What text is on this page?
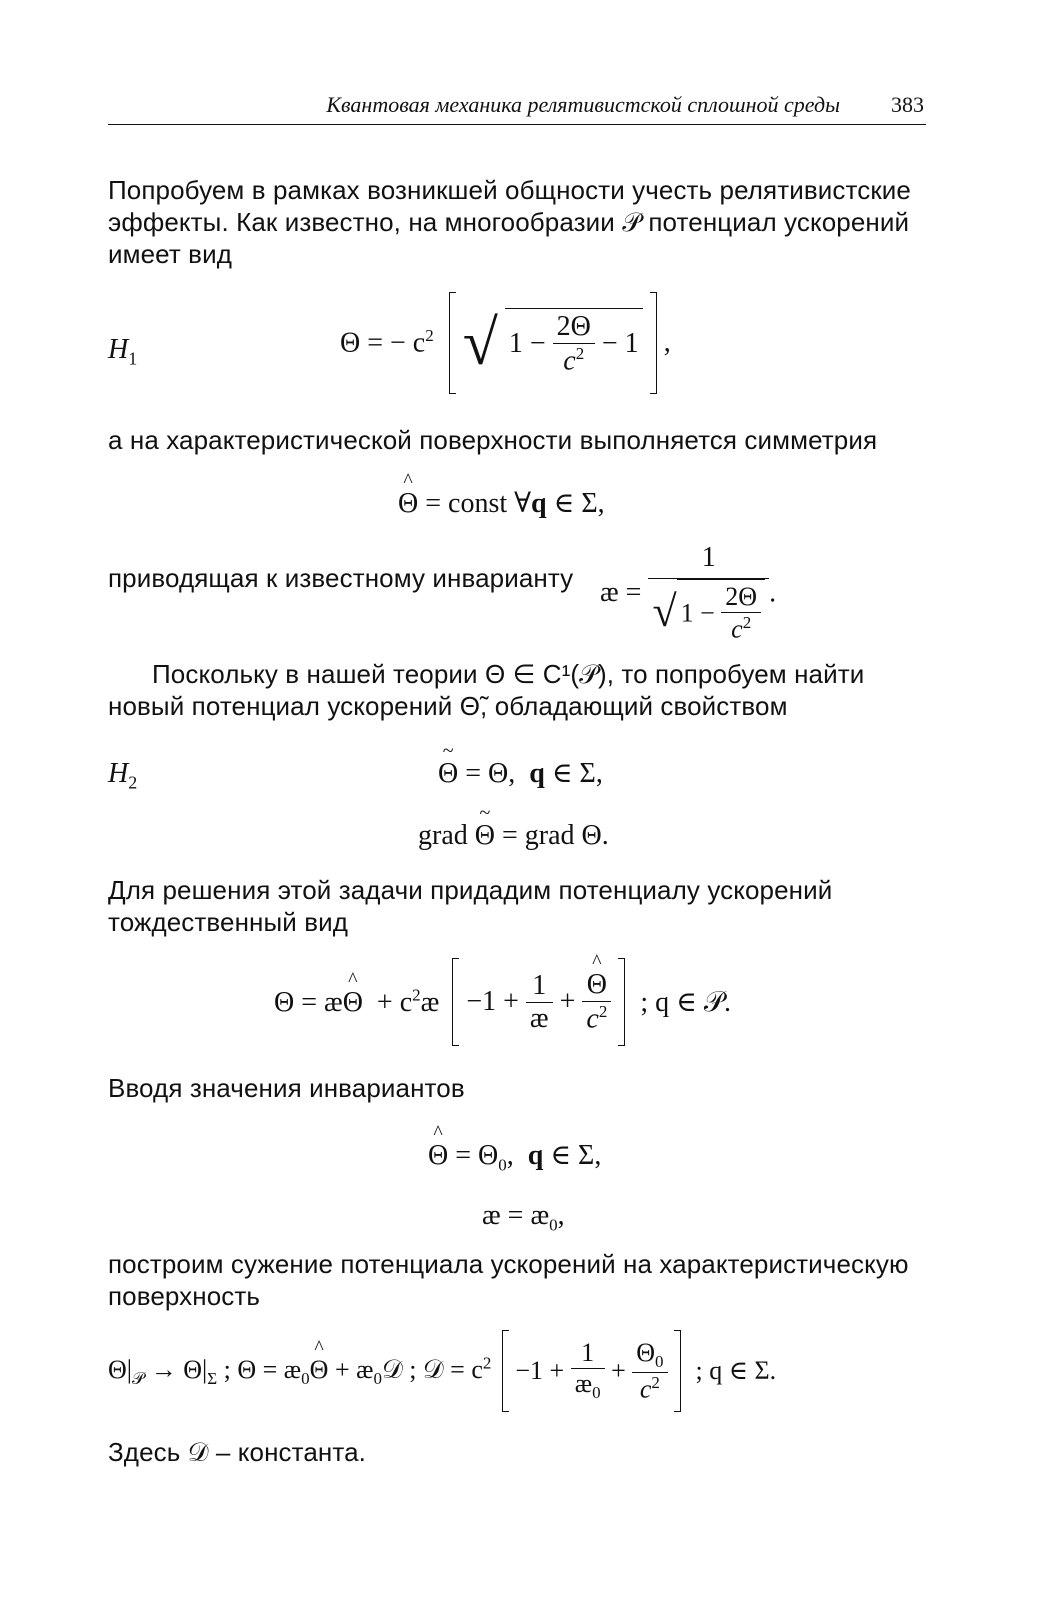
Квантовая механика релятивистской сплошной среды 383
Попробуем в рамках возникшей общности учесть релятивистские эффекты. Как известно, на многообразии 𝒫 потенциал ускорений имеет вид
$H_1$	Θ = − $c^2$ √ $1 - \frac{2\Theta}{c^2} - 1$ ,
а на характеристической поверхности выполняется симметрия
^ Θ = const ∀q ∈ Σ,
приводящая к известному инварианту æ = $\frac{1}{√ 1 - \frac{2\Theta}{c^2}}$ .
Поскольку в нашей теории Θ ∈ C¹(𝒫), то попробуем найти новый потенциал ускорений Θ̃, обладающий свойством
$H_2$	~ Θ = Θ, q ∈ Σ,
grad ~ Θ = grad Θ.
Для решения этой задачи придадим потенциалу ускорений тождественный вид
Θ = æ^ $\Theta + c^2æ -1 + \frac{1}{æ}$ + ^ $\frac{\Theta}{c^2}$ ; q ∈ 𝒫.
Вводя значения инвариантов
^ $\Theta = \Theta_0$,  q ∈ Σ,
æ = $æ_0$,
построим сужение потенциала ускорений на характеристическую поверхность
$\Theta|_𝒫 \to \Theta|_\Sigma$ ; $\Theta = æ_0\^{}$ $\Theta + æ_0𝒟$ ; 𝒟 = $c^2 -1 + \frac{1}{æ_0} + \frac{\Theta_0}{c^2}$ ; q ∈ Σ.
Здесь 𝒟 – константа.
